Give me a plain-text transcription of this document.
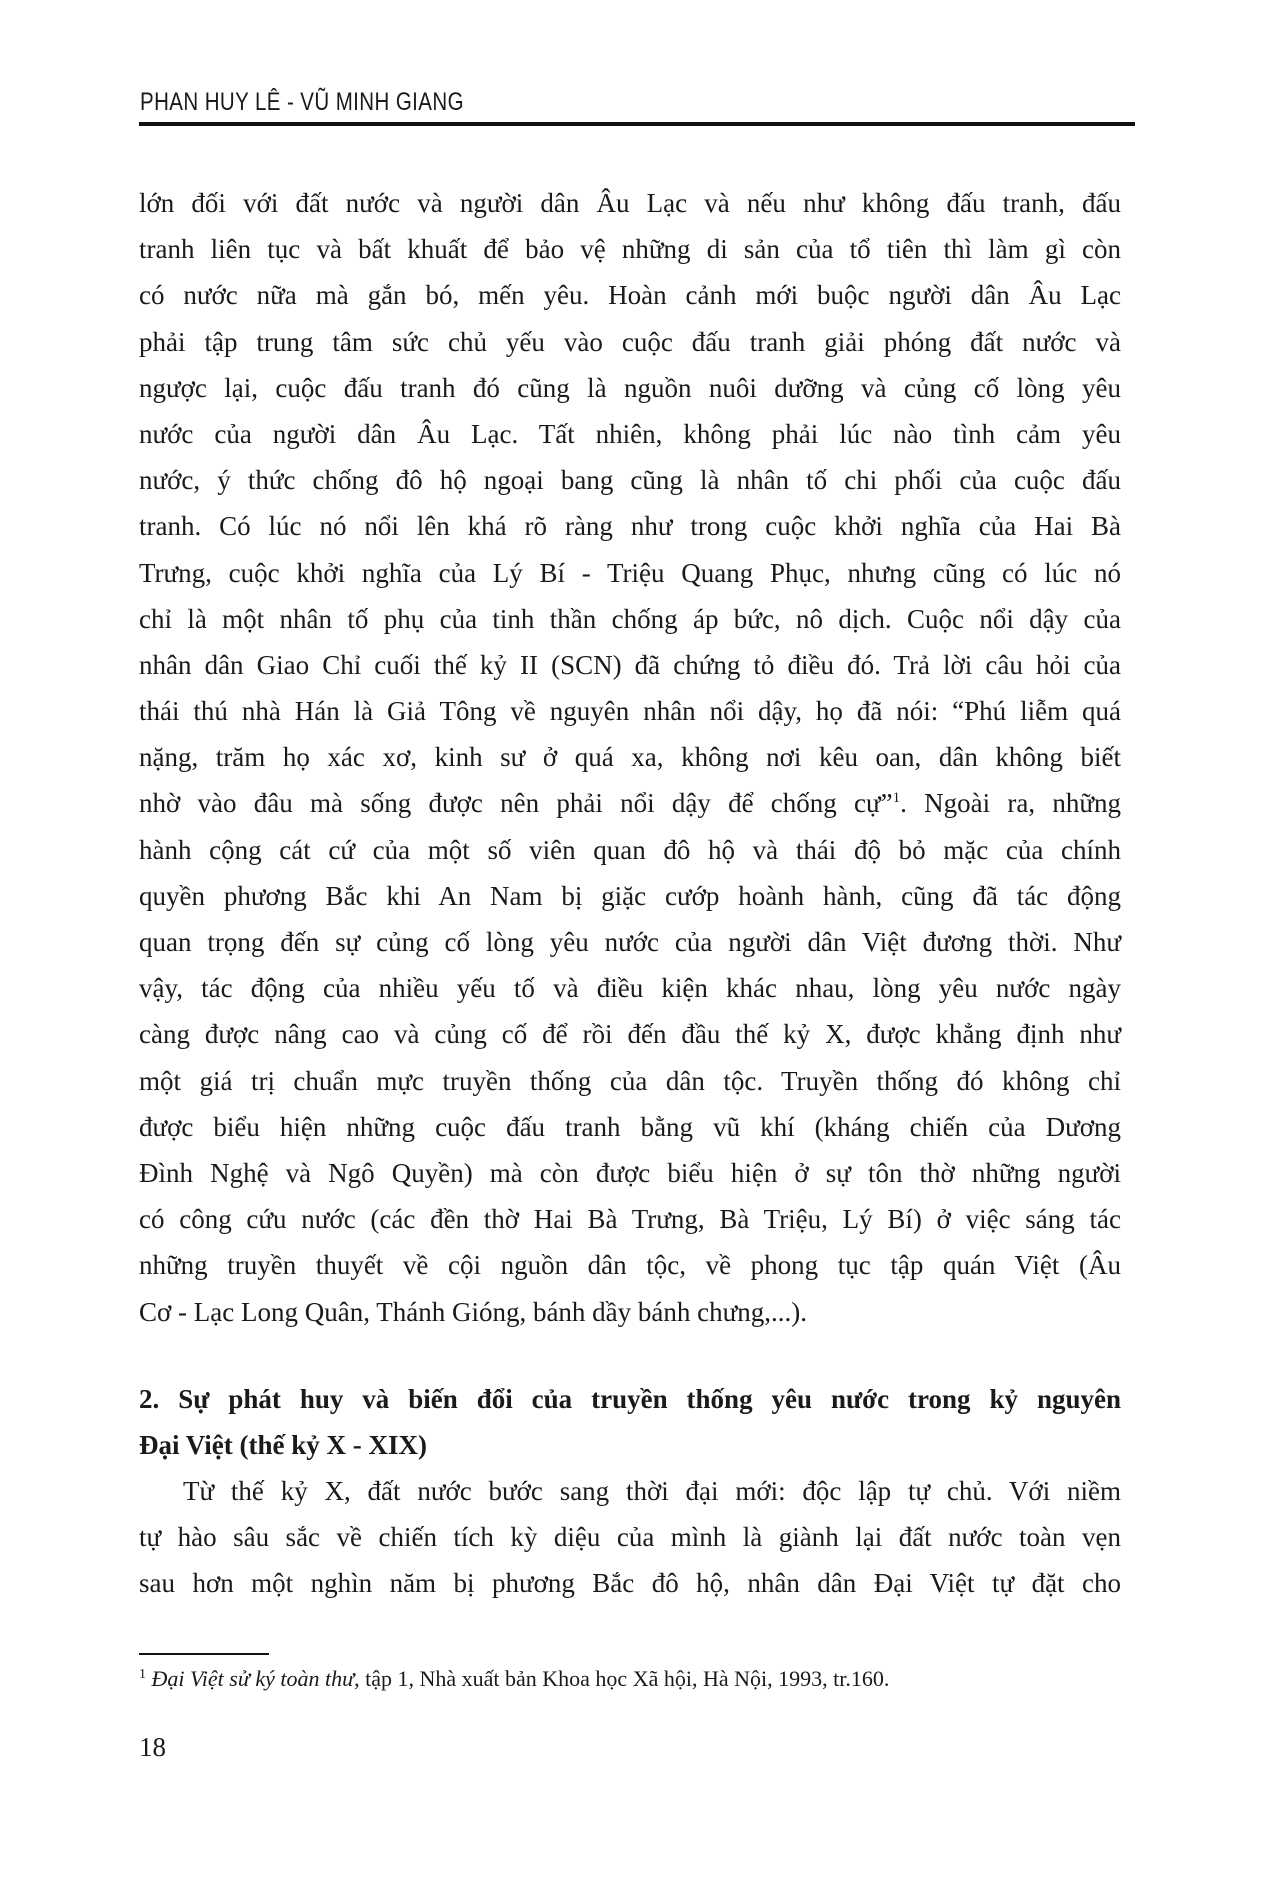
PHAN HUY LÊ - VŨ MINH GIANG
lớn đối với đất nước và người dân Âu Lạc và nếu như không đấu tranh, đấu
tranh liên tục và bất khuất để bảo vệ những di sản của tổ tiên thì làm gì còn
có nước nữa mà gắn bó, mến yêu. Hoàn cảnh mới buộc người dân Âu Lạc
phải tập trung tâm sức chủ yếu vào cuộc đấu tranh giải phóng đất nước và
ngược lại, cuộc đấu tranh đó cũng là nguồn nuôi dưỡng và củng cố lòng yêu
nước của người dân Âu Lạc. Tất nhiên, không phải lúc nào tình cảm yêu
nước, ý thức chống đô hộ ngoại bang cũng là nhân tố chi phối của cuộc đấu
tranh. Có lúc nó nổi lên khá rõ ràng như trong cuộc khởi nghĩa của Hai Bà
Trưng, cuộc khởi nghĩa của Lý Bí - Triệu Quang Phục, nhưng cũng có lúc nó
chỉ là một nhân tố phụ của tinh thần chống áp bức, nô dịch. Cuộc nổi dậy của
nhân dân Giao Chỉ cuối thế kỷ II (SCN) đã chứng tỏ điều đó. Trả lời câu hỏi của
thái thú nhà Hán là Giả Tông về nguyên nhân nổi dậy, họ đã nói: “Phú liễm quá
nặng, trăm họ xác xơ, kinh sư ở quá xa, không nơi kêu oan, dân không biết
nhờ vào đâu mà sống được nên phải nổi dậy để chống cự”$^1$. Ngoài ra, những
hành cộng cát cứ của một số viên quan đô hộ và thái độ bỏ mặc của chính
quyền phương Bắc khi An Nam bị giặc cướp hoành hành, cũng đã tác động
quan trọng đến sự củng cố lòng yêu nước của người dân Việt đương thời. Như
vậy, tác động của nhiều yếu tố và điều kiện khác nhau, lòng yêu nước ngày
càng được nâng cao và củng cố để rồi đến đầu thế kỷ X, được khẳng định như
một giá trị chuẩn mực truyền thống của dân tộc. Truyền thống đó không chỉ
được biểu hiện những cuộc đấu tranh bằng vũ khí (kháng chiến của Dương
Đình Nghệ và Ngô Quyền) mà còn được biểu hiện ở sự tôn thờ những người
có công cứu nước (các đền thờ Hai Bà Trưng, Bà Triệu, Lý Bí) ở việc sáng tác
những truyền thuyết về cội nguồn dân tộc, về phong tục tập quán Việt (Âu
Cơ - Lạc Long Quân, Thánh Gióng, bánh dầy bánh chưng,...).
2. Sự phát huy và biến đổi của truyền thống yêu nước trong kỷ nguyên
Đại Việt (thế kỷ X - XIX)
Từ thế kỷ X, đất nước bước sang thời đại mới: độc lập tự chủ. Với niềm
tự hào sâu sắc về chiến tích kỳ diệu của mình là giành lại đất nước toàn vẹn
sau hơn một nghìn năm bị phương Bắc đô hộ, nhân dân Đại Việt tự đặt cho
$^1$ Đại Việt sử ký toàn thư, tập 1, Nhà xuất bản Khoa học Xã hội, Hà Nội, 1993, tr.160.
18
